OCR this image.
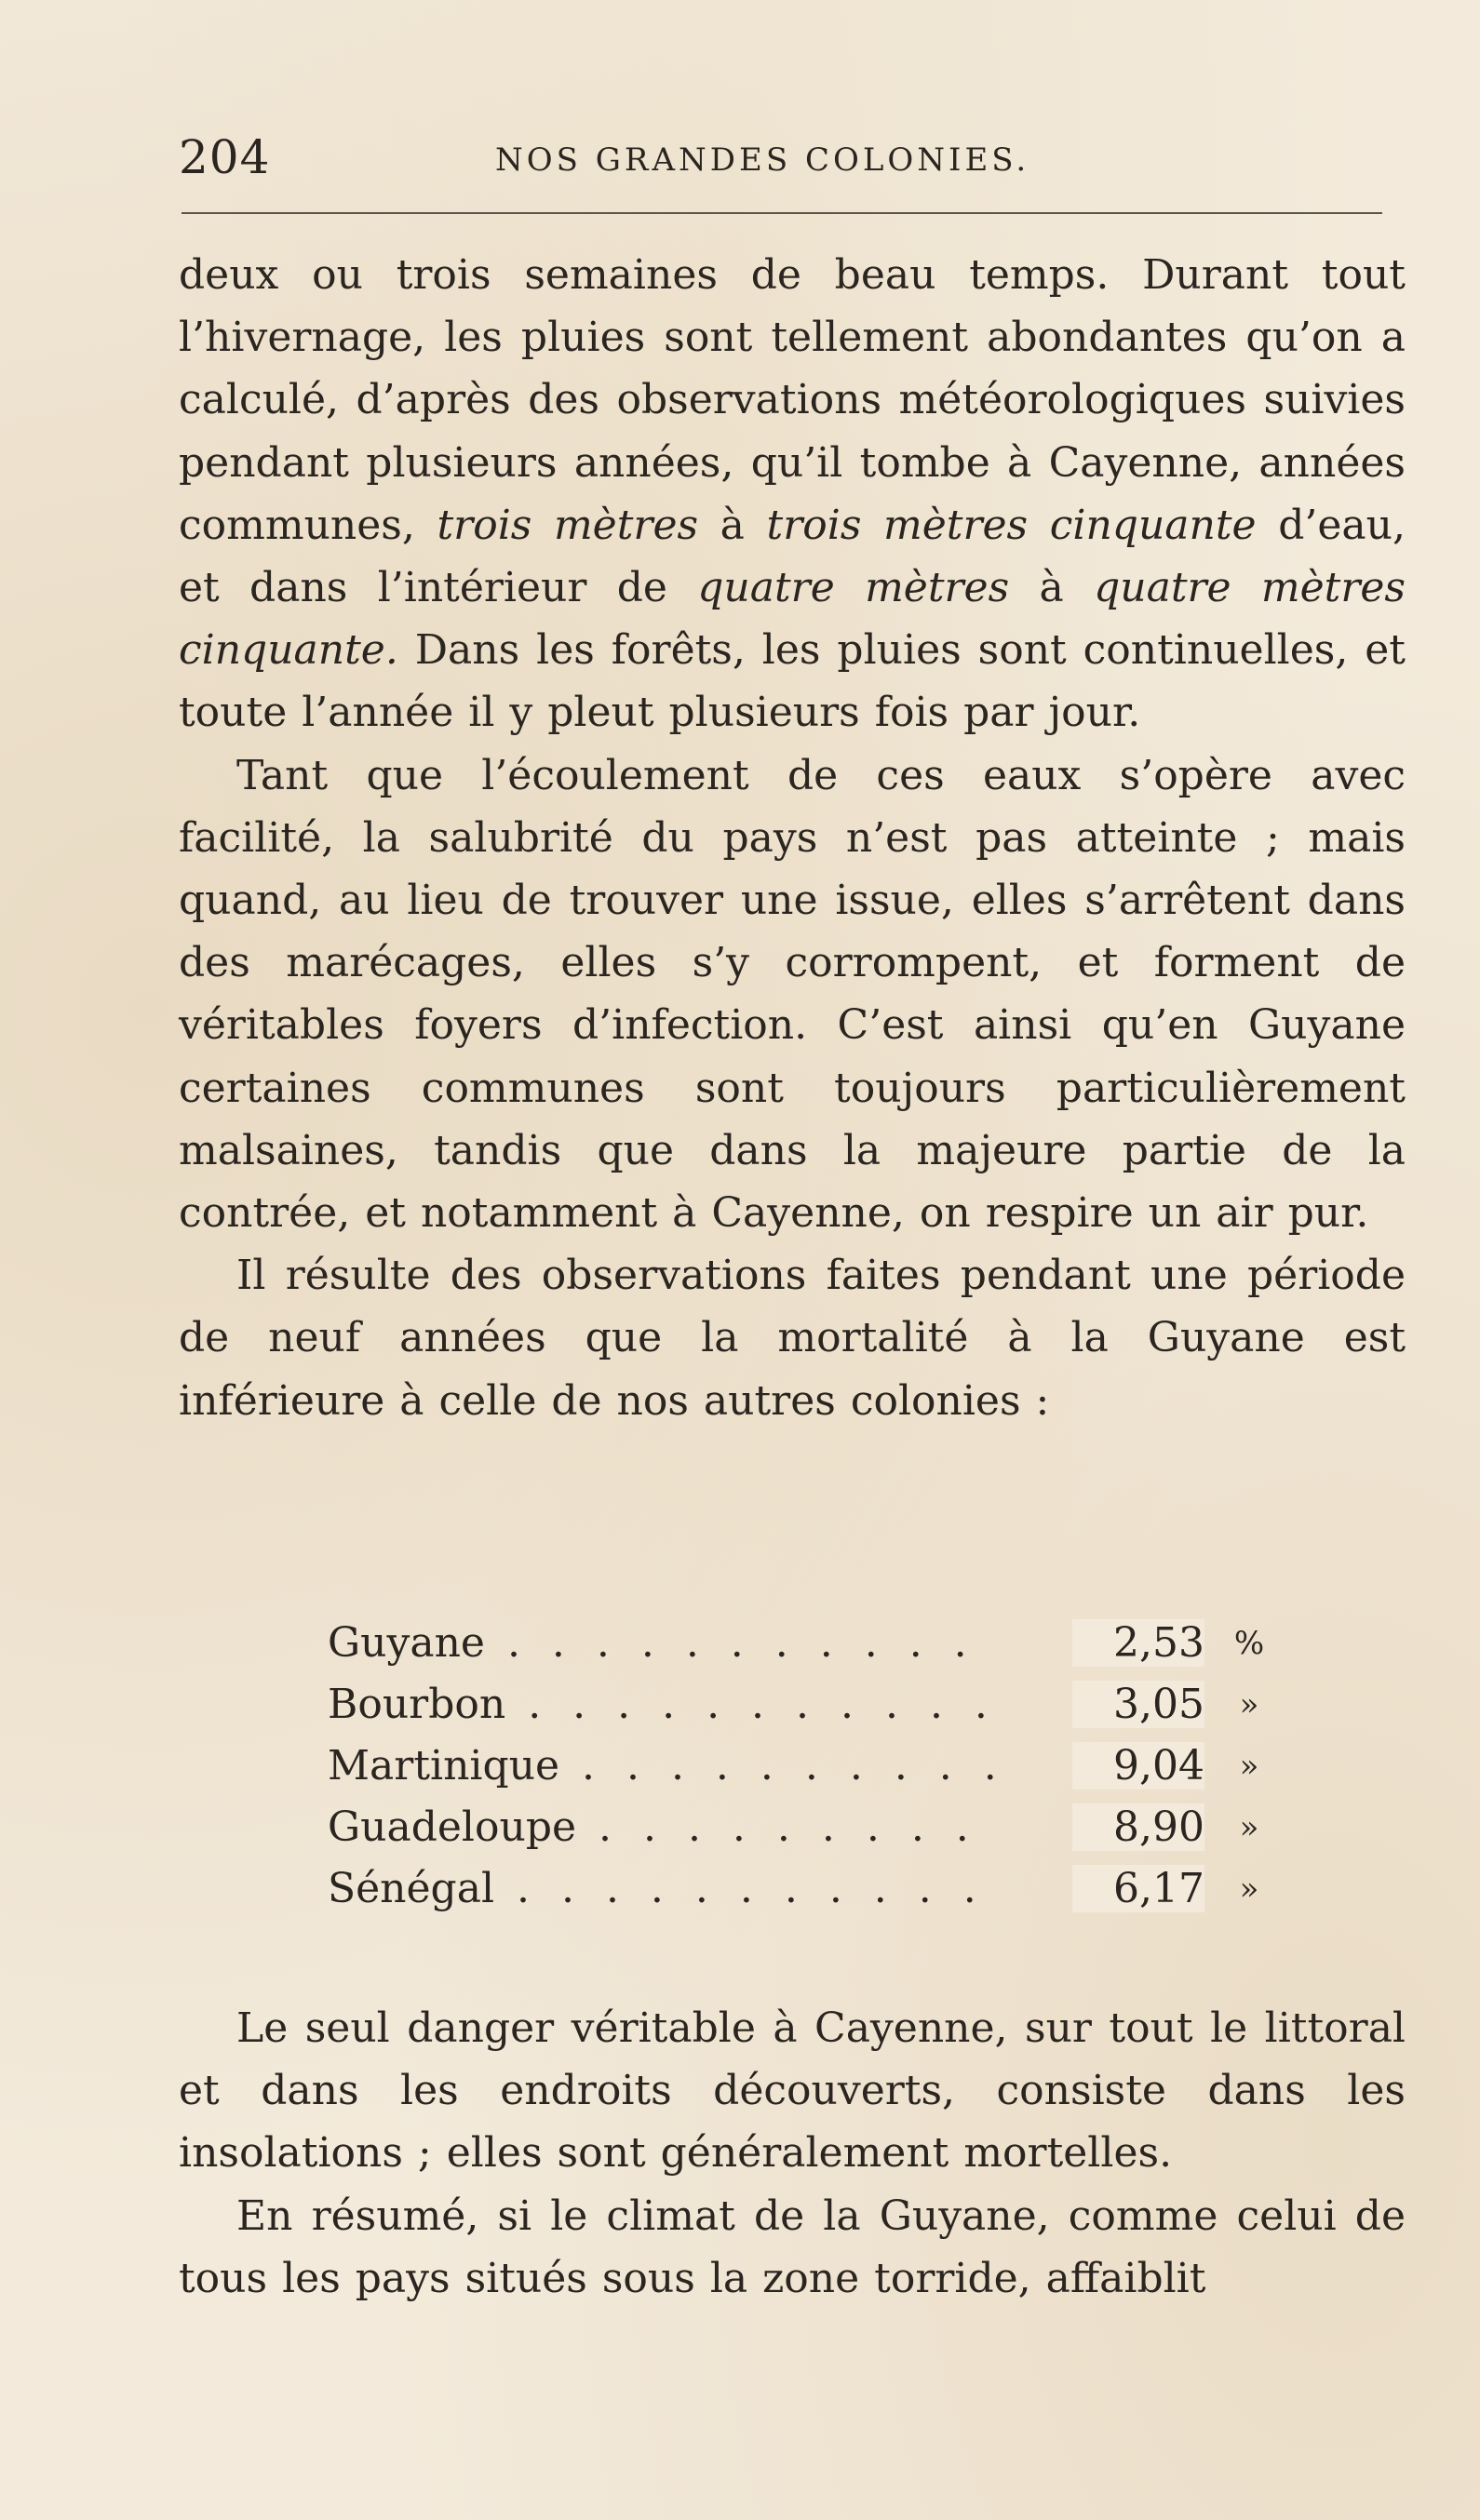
204	NOS GRANDES COLONIES.

deux ou trois semaines de beau temps. Durant tout l’hivernage, les pluies sont tellement abondantes qu’on a calculé, d’après des observations météorologiques suivies pendant plusieurs années, qu’il tombe à Cayenne, années communes, trois mètres à trois mètres cinquante d’eau, et dans l’intérieur de quatre mètres à quatre mètres cinquante. Dans les forêts, les pluies sont continuelles, et toute l’année il y pleut plusieurs fois par jour.

Tant que l’écoulement de ces eaux s’opère avec facilité, la salubrité du pays n’est pas atteinte ; mais quand, au lieu de trouver une issue, elles s’arrêtent dans des marécages, elles s’y corrompent, et forment de véritables foyers d’infection. C’est ainsi qu’en Guyane certaines communes sont toujours particulièrement malsaines, tandis que dans la majeure partie de la contrée, et notamment à Cayenne, on respire un air pur.

Il résulte des observations faites pendant une période de neuf années que la mortalité à la Guyane est inférieure à celle de nos autres colonies :

Guyane . . .	2,53 %
Bourbon . . .	3,05	»
Martinique . . .	9,04	»
Guadeloupe . . .	8,90	»
Sénégal . . .	6,17	»

Le seul danger véritable à Cayenne, sur tout le littoral et dans les endroits découverts, consiste dans les insolations ; elles sont généralement mortelles.

En résumé, si le climat de la Guyane, comme celui de tous les pays situés sous la zone torride, affaiblit
